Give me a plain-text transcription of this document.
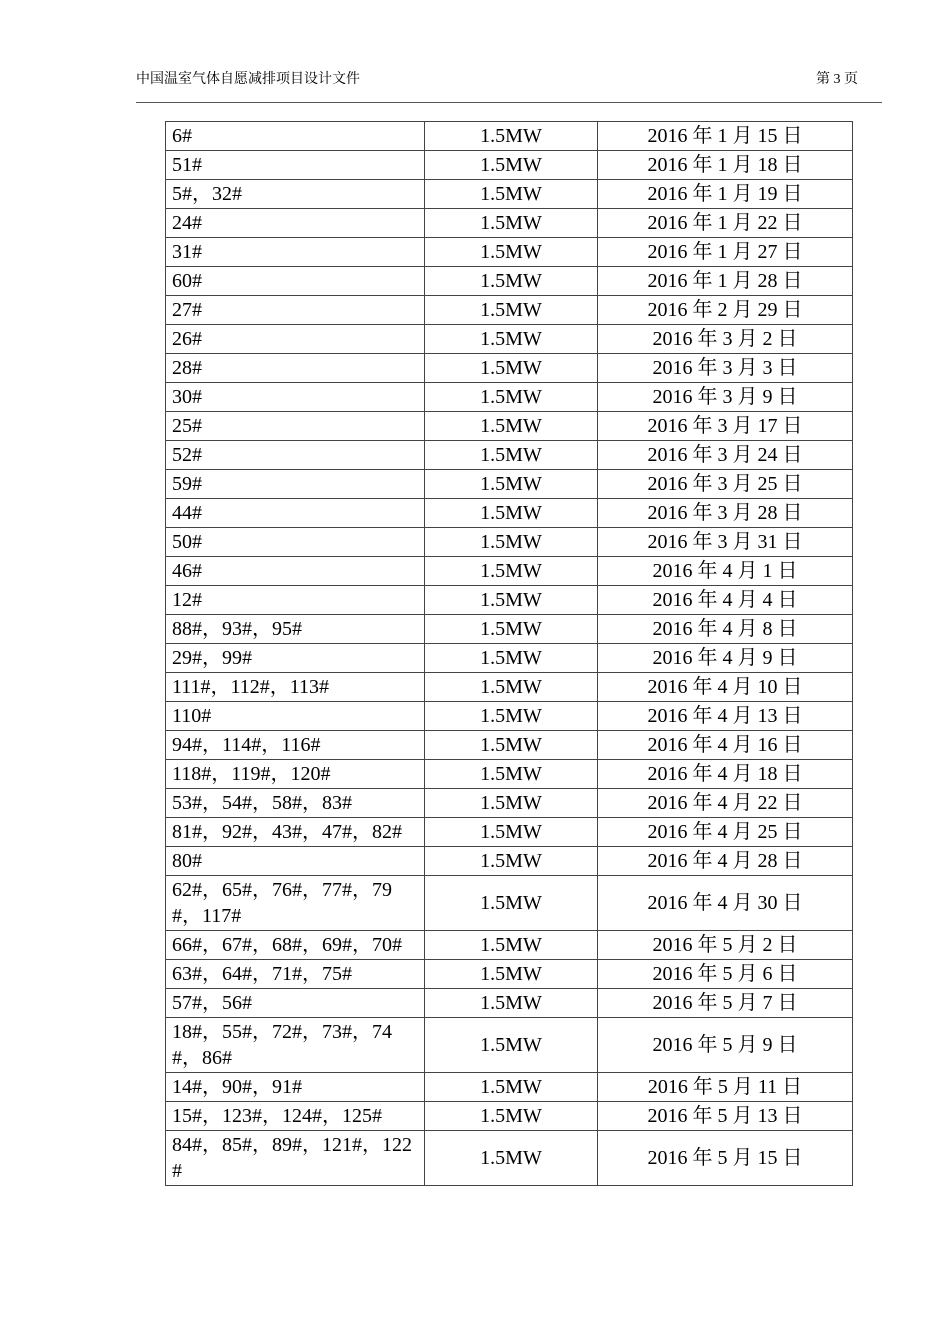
中国温室气体自愿减排项目设计文件	第 3 页
6#	1.5MW	2016 年 1 月 15 日
51#	1.5MW	2016 年 1 月 18 日
5#，32#	1.5MW	2016 年 1 月 19 日
24#	1.5MW	2016 年 1 月 22 日
31#	1.5MW	2016 年 1 月 27 日
60#	1.5MW	2016 年 1 月 28 日
27#	1.5MW	2016 年 2 月 29 日
26#	1.5MW	2016 年 3 月 2 日
28#	1.5MW	2016 年 3 月 3 日
30#	1.5MW	2016 年 3 月 9 日
25#	1.5MW	2016 年 3 月 17 日
52#	1.5MW	2016 年 3 月 24 日
59#	1.5MW	2016 年 3 月 25 日
44#	1.5MW	2016 年 3 月 28 日
50#	1.5MW	2016 年 3 月 31 日
46#	1.5MW	2016 年 4 月 1 日
12#	1.5MW	2016 年 4 月 4 日
88#，93#，95#	1.5MW	2016 年 4 月 8 日
29#，99#	1.5MW	2016 年 4 月 9 日
111#，112#，113#	1.5MW	2016 年 4 月 10 日
110#	1.5MW	2016 年 4 月 13 日
94#，114#，116#	1.5MW	2016 年 4 月 16 日
118#，119#，120#	1.5MW	2016 年 4 月 18 日
53#，54#，58#，83#	1.5MW	2016 年 4 月 22 日
81#，92#，43#，47#，82#	1.5MW	2016 年 4 月 25 日
80#	1.5MW	2016 年 4 月 28 日
62#，65#，76#，77#，79#，117#	1.5MW	2016 年 4 月 30 日
66#，67#，68#，69#，70#	1.5MW	2016 年 5 月 2 日
63#，64#，71#，75#	1.5MW	2016 年 5 月 6 日
57#，56#	1.5MW	2016 年 5 月 7 日
18#，55#，72#，73#，74#，86#	1.5MW	2016 年 5 月 9 日
14#，90#，91#	1.5MW	2016 年 5 月 11 日
15#，123#，124#，125#	1.5MW	2016 年 5 月 13 日
84#，85#，89#，121#，122#	1.5MW	2016 年 5 月 15 日
